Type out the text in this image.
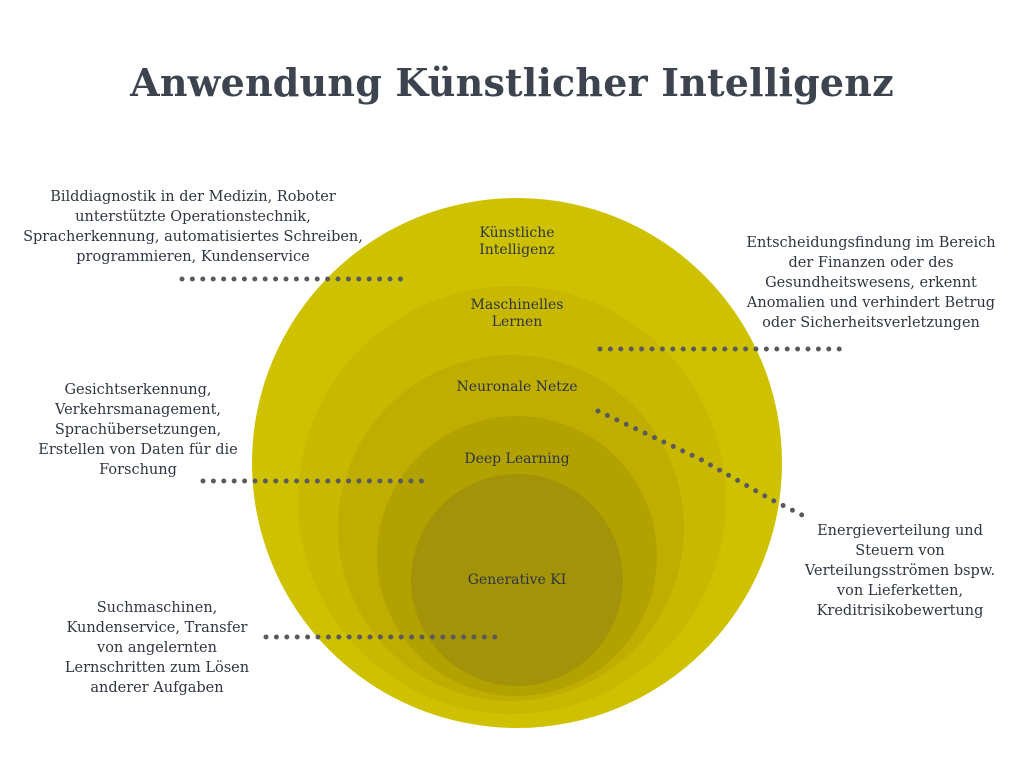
Anwendung Künstlicher Intelligenz
Künstliche
Intelligenz
Maschinelles
Lernen
Neuronale Netze
Deep Learning
Generative KI
Bilddiagnostik in der Medizin, Roboter
unterstützte Operationstechnik,
Spracherkennung, automatisiertes Schreiben,
programmieren, Kundenservice
Entscheidungsfindung im Bereich
der Finanzen oder des
Gesundheitswesens, erkennt
Anomalien und verhindert Betrug
oder Sicherheitsverletzungen
Energieverteilung und
Steuern von
Verteilungsströmen bspw.
von Lieferketten,
Kreditrisikobewertung
Gesichtserkennung,
Verkehrsmanagement,
Sprachübersetzungen,
Erstellen von Daten für die
Forschung
Suchmaschinen,
Kundenservice, Transfer
von angelernten
Lernschritten zum Lösen
anderer Aufgaben
